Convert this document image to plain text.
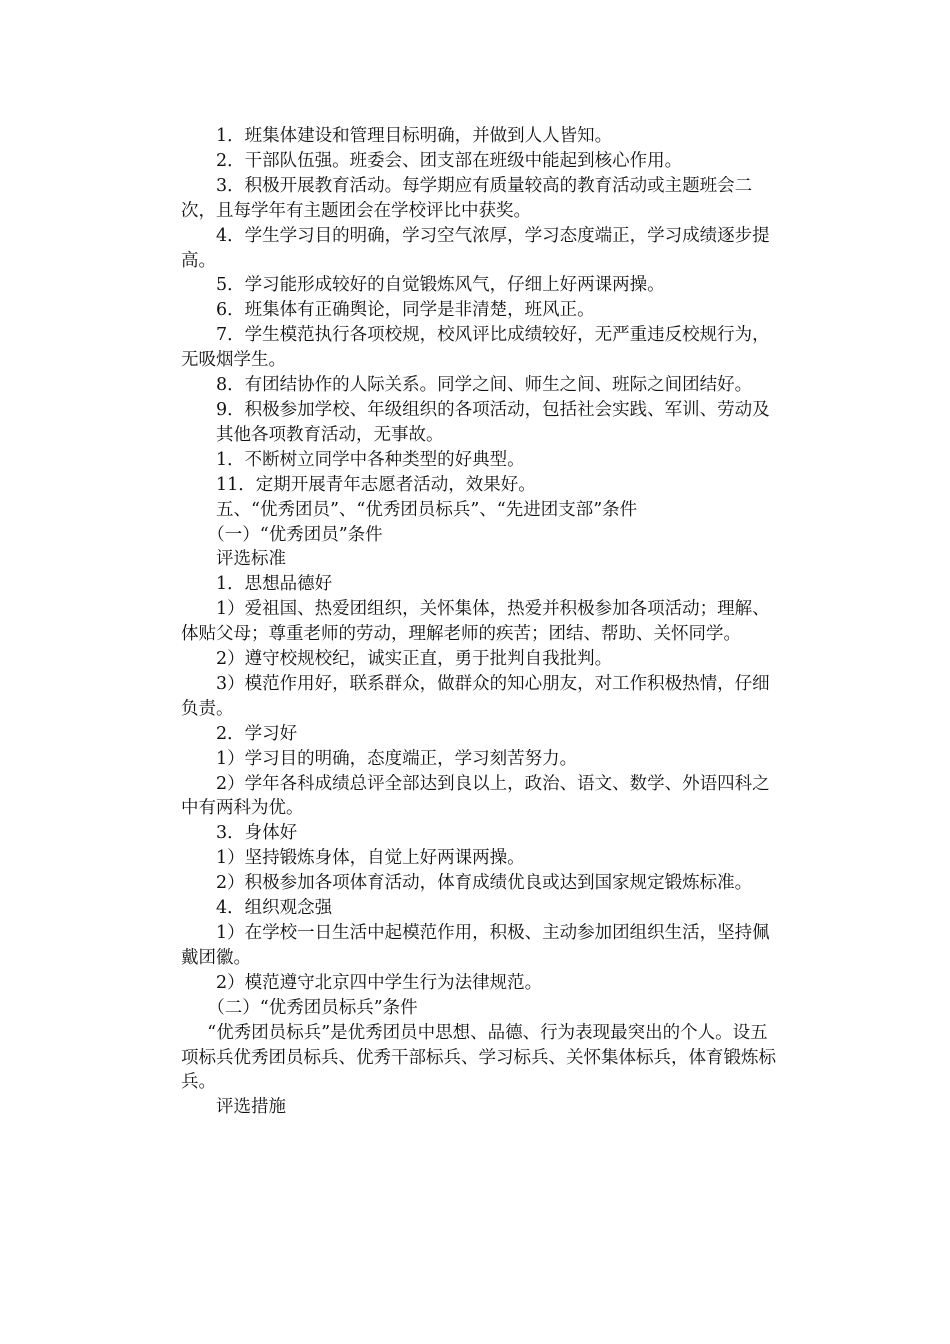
1．班集体建设和管理目标明确，并做到人人皆知。

2．干部队伍强。班委会、团支部在班级中能起到核心作用。

3．积极开展教育活动。每学期应有质量较高的教育活动或主题班会二次，且每学年有主题团会在学校评比中获奖。

4．学生学习目的明确，学习空气浓厚，学习态度端正，学习成绩逐步提高。

5．学习能形成较好的自觉锻炼风气，仔细上好两课两操。

6．班集体有正确舆论，同学是非清楚，班风正。

7．学生模范执行各项校规，校风评比成绩较好，无严重违反校规行为，无吸烟学生。

8．有团结协作的人际关系。同学之间、师生之间、班际之间团结好。

9．积极参加学校、年级组织的各项活动，包括社会实践、军训、劳动及

其他各项教育活动，无事故。

1．不断树立同学中各种类型的好典型。

11．定期开展青年志愿者活动，效果好。

五、“优秀团员”、“优秀团员标兵”、“先进团支部”条件

（一）“优秀团员”条件

评选标准

1．思想品德好

1）爱祖国、热爱团组织，关怀集体，热爱并积极参加各项活动；理解、体贴父母；尊重老师的劳动，理解老师的疾苦；团结、帮助、关怀同学。

2）遵守校规校纪，诚实正直，勇于批判自我批判。

3）模范作用好，联系群众，做群众的知心朋友，对工作积极热情，仔细负责。

2．学习好

1）学习目的明确，态度端正，学习刻苦努力。

2）学年各科成绩总评全部达到良以上，政治、语文、数学、外语四科之中有两科为优。

3．身体好

1）坚持锻炼身体，自觉上好两课两操。

2）积极参加各项体育活动，体育成绩优良或达到国家规定锻炼标准。

4．组织观念强

1）在学校一日生活中起模范作用，积极、主动参加团组织生活，坚持佩戴团徽。

2）模范遵守北京四中学生行为法律规范。

（二）“优秀团员标兵”条件

“优秀团员标兵”是优秀团员中思想、品德、行为表现最突出的个人。设五项标兵优秀团员标兵、优秀干部标兵、学习标兵、关怀集体标兵，体育锻炼标兵。

评选措施
